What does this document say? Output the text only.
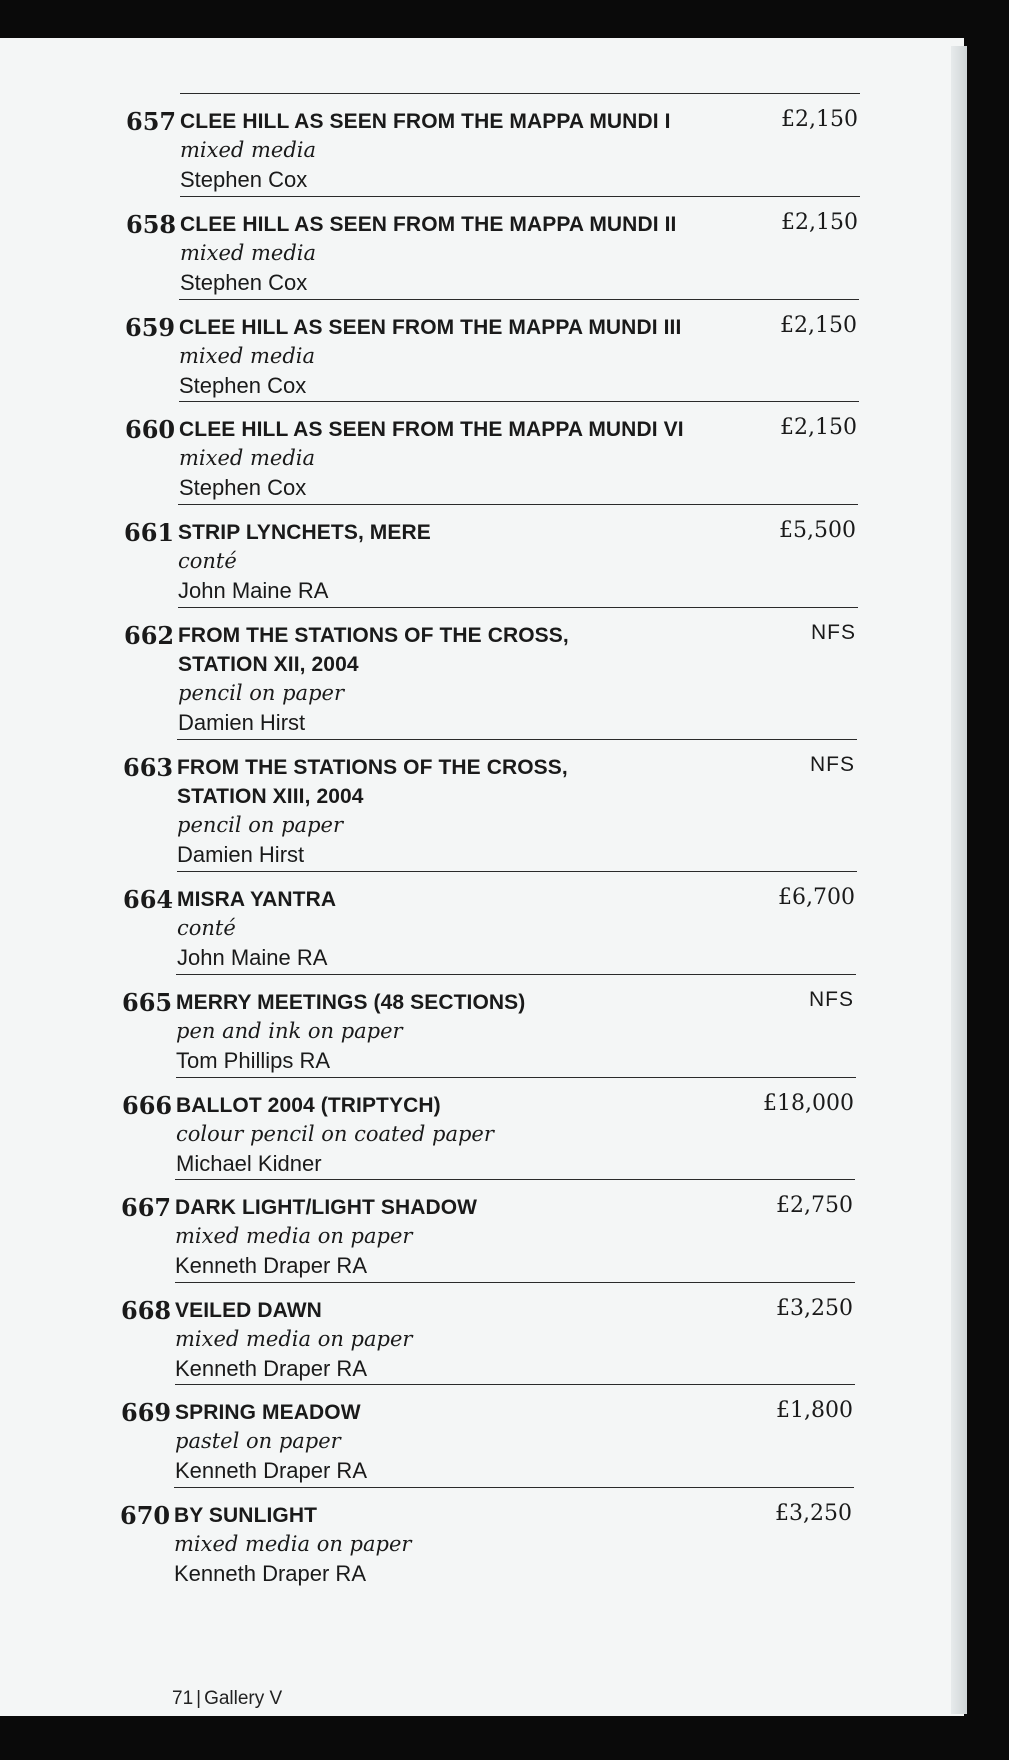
657 CLEE HILL AS SEEN FROM THE MAPPA MUNDI I
mixed media
Stephen Cox
£2,150
658 CLEE HILL AS SEEN FROM THE MAPPA MUNDI II
mixed media
Stephen Cox
£2,150
659 CLEE HILL AS SEEN FROM THE MAPPA MUNDI III
mixed media
Stephen Cox
£2,150
660 CLEE HILL AS SEEN FROM THE MAPPA MUNDI VI
mixed media
Stephen Cox
£2,150
661 STRIP LYNCHETS, MERE
conté
John Maine RA
£5,500
662 FROM THE STATIONS OF THE CROSS,
STATION XII, 2004
pencil on paper
Damien Hirst
NFS
663 FROM THE STATIONS OF THE CROSS,
STATION XIII, 2004
pencil on paper
Damien Hirst
NFS
664 MISRA YANTRA
conté
John Maine RA
£6,700
665 MERRY MEETINGS (48 SECTIONS)
pen and ink on paper
Tom Phillips RA
NFS
666 BALLOT 2004 (TRIPTYCH)
colour pencil on coated paper
Michael Kidner
£18,000
667 DARK LIGHT/LIGHT SHADOW
mixed media on paper
Kenneth Draper RA
£2,750
668 VEILED DAWN
mixed media on paper
Kenneth Draper RA
£3,250
669 SPRING MEADOW
pastel on paper
Kenneth Draper RA
£1,800
670 BY SUNLIGHT
mixed media on paper
Kenneth Draper RA
£3,250
71 | Gallery V
